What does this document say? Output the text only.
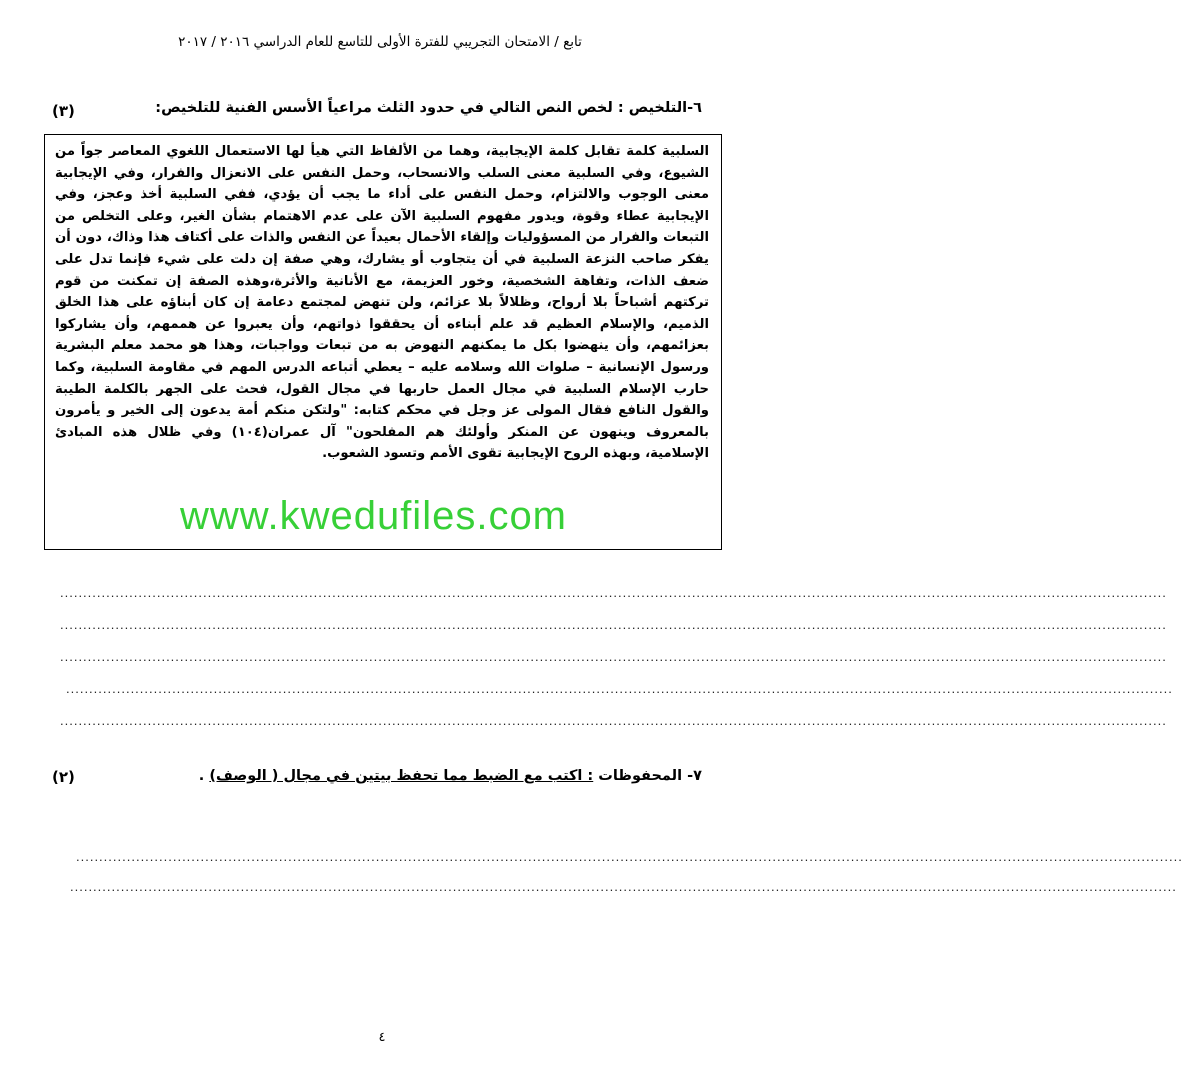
تابع / الامتحان التجريبي للفترة الأولى للتاسع للعام الدراسي ٢٠١٦ / ٢٠١٧
٦-التلخيص : لخص النص التالي في حدود الثلث مراعياً الأسس الفنية للتلخيص:
(٣)
السلبية كلمة تقابل كلمة الإيجابية، وهما من الألفاظ التي هيأ لها الاستعمال اللغوي المعاصر جواً من الشيوع، وفي السلبية معنى السلب والانسحاب، وحمل النفس على الانعزال والفرار، وفي الإيجابية معنى الوجوب والالتزام، وحمل النفس على أداء ما يجب أن يؤدي، ففي السلبية أخذ وعجز، وفي الإيجابية عطاء وقوة، ويدور مفهوم السلبية الآن على عدم الاهتمام بشأن الغير، وعلى التخلص من التبعات والفرار من المسؤوليات وإلقاء الأحمال بعيداً عن النفس والذات على أكتاف هذا وذاك، دون أن يفكر صاحب النزعة السلبية في أن يتجاوب أو يشارك، وهي صفة إن دلت على شيء فإنما تدل على ضعف الذات، وتفاهة الشخصية، وخور العزيمة، مع الأنانية والأثرة،وهذه الصفة إن تمكنت من قوم تركتهم أشباحاً بلا أرواح، وظلالاً بلا عزائم، ولن تنهض لمجتمع دعامة إن كان أبناؤه على هذا الخلق الذميم، والإسلام العظيم قد علم أبناءه أن يحققوا ذواتهم، وأن يعبروا عن هممهم، وأن يشاركوا بعزائمهم، وأن ينهضوا بكل ما يمكنهم النهوض به من تبعات وواجبات، وهذا هو محمد معلم البشرية ورسول الإنسانية – صلوات الله وسلامه عليه – يعطي أتباعه الدرس المهم في مقاومة السلبية، وكما حارب الإسلام السلبية في مجال العمل حاربها في مجال القول، فحث على الجهر بالكلمة الطيبة والقول النافع فقال المولى عز وجل في محكم كتابه: "ولتكن منكم أمة يدعون إلى الخير و يأمرون بالمعروف وينهون عن المنكر وأولئك هم المفلحون" آل عمران(١٠٤) وفي ظلال هذه المبادئ الإسلامية، وبهذه الروح الإيجابية تقوى الأمم وتسود الشعوب.
www.kwedufiles.com
................................................................................................................................................................................................................................................
................................................................................................................................................................................................................................................
................................................................................................................................................................................................................................................
................................................................................................................................................................................................................................................
................................................................................................................................................................................................................................................
٧- المحفوظات : اكتب مع الضبط مما تحفظ بيتين في مجال ( الوصف) .
(٢)
................................................................................................................................................................................................................................................
................................................................................................................................................................................................................................................
٤
